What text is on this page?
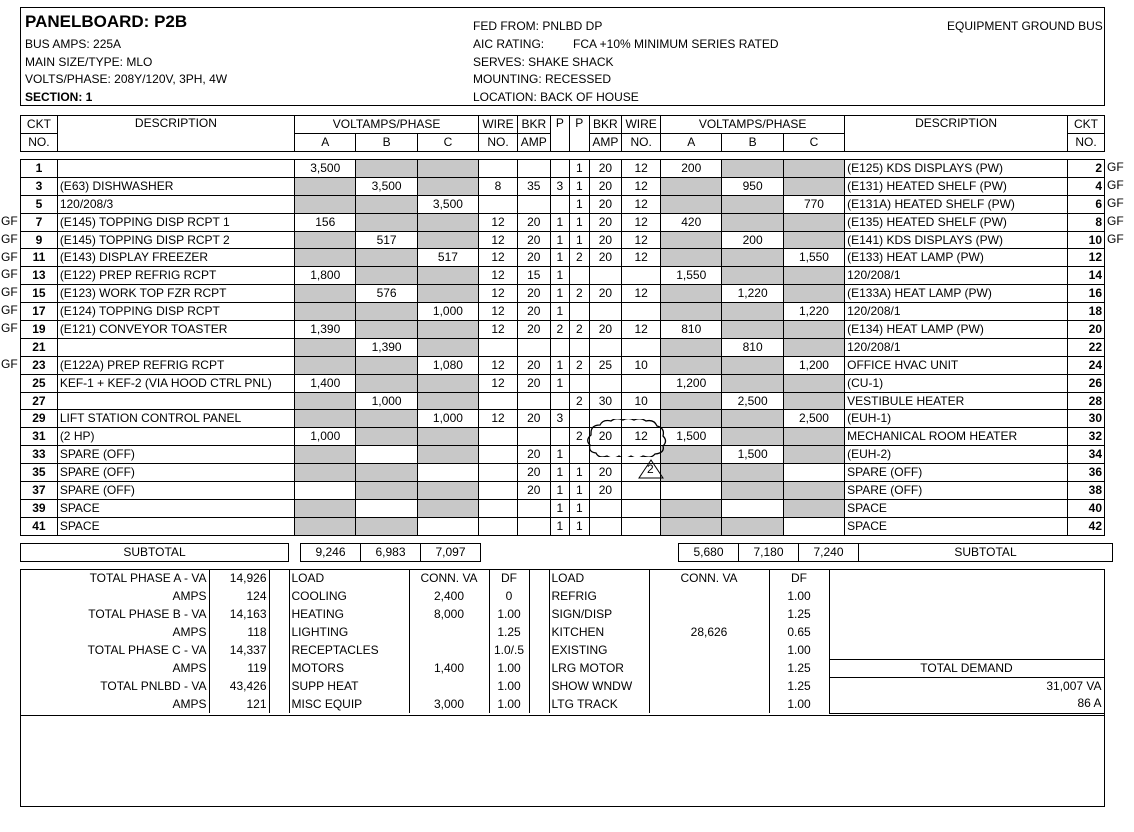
PANELBOARD: P2B
BUS AMPS: 225A
MAIN SIZE/TYPE: MLO
VOLTS/PHASE: 208Y/120V, 3PH, 4W
SECTION: 1
FED FROM: PNLBD DP
AIC RATING: FCA +10% MINIMUM SERIES RATED
SERVES: SHAKE SHACK
MOUNTING: RECESSED
LOCATION: BACK OF HOUSE
EQUIPMENT GROUND BUS
CKT	DESCRIPTION	VOLTAMPS/PHASE			WIRE	BKR	P	P	BKR	WIRE	VOLTAMPS/PHASE			DESCRIPTION	CKT
NO.		A	B	C	NO.	AMP			AMP	NO.	A	B	C		NO.
1		3,500						1	20	12	200			(E125) KDS DISPLAYS (PW)	2
3	(E63) DISHWASHER		3,500		8	35	3	1	20	12		950		(E131) HEATED SHELF (PW)	4
5	120/208/3			3,500				1	20	12			770	(E131A) HEATED SHELF (PW)	6
7	(E145) TOPPING DISP RCPT 1	156			12	20	1	1	20	12	420			(E135) HEATED SHELF (PW)	8
9	(E145) TOPPING DISP RCPT 2		517		12	20	1	1	20	12		200		(E141) KDS DISPLAYS (PW)	10
11	(E143) DISPLAY FREEZER			517	12	20	1	2	20	12			1,550	(E133) HEAT LAMP (PW)	12
13	(E122) PREP REFRIG RCPT	1,800			12	15	1				1,550			120/208/1	14
15	(E123) WORK TOP FZR RCPT		576		12	20	1	2	20	12		1,220		(E133A) HEAT LAMP (PW)	16
17	(E124) TOPPING DISP RCPT			1,000	12	20	1						1,220	120/208/1	18
19	(E121) CONVEYOR TOASTER	1,390			12	20	2	2	20	12	810			(E134) HEAT LAMP (PW)	20
21			1,390									810		120/208/1	22
23	(E122A) PREP REFRIG RCPT			1,080	12	20	1	2	25	10			1,200	OFFICE HVAC UNIT	24
25	KEF-1 + KEF-2 (VIA HOOD CTRL PNL)	1,400			12	20	1				1,200			(CU-1)	26
27			1,000					2	30	10		2,500		VESTIBULE HEATER	28
29	LIFT STATION CONTROL PANEL			1,000	12	20	3						2,500	(EUH-1)	30
31	(2 HP)	1,000						2	20	12	1,500			MECHANICAL ROOM HEATER	32
33	SPARE (OFF)					20	1					1,500		(EUH-2)	34
35	SPARE (OFF)					20	1	1	20					SPARE (OFF)	36
37	SPARE (OFF)					20	1	1	20					SPARE (OFF)	38
39	SPACE						1	1						SPACE	40
41	SPACE						1	1						SPACE	42
GF
GF
GF
GF	GF
GF	GF
GF
GF
GF
GF
GF
GF
2
SUBTOTAL		9,246	6,983	7,097		5,680	7,180	7,240	SUBTOTAL
TOTAL PHASE A - VA	14,926		LOAD	CONN. VA	DF		LOAD	CONN. VA	DF	
AMPS	124		COOLING	2,400	0		REFRIG		1.00	
TOTAL PHASE B - VA	14,163		HEATING	8,000	1.00		SIGN/DISP		1.25	
AMPS	118		LIGHTING		1.25		KITCHEN	28,626	0.65	
TOTAL PHASE C - VA	14,337		RECEPTACLES		1.0/.5		EXISTING		1.00	
AMPS	119		MOTORS	1,400	1.00		LRG MOTOR		1.25	TOTAL DEMAND
TOTAL PNLBD - VA	43,426		SUPP HEAT		1.00		SHOW WNDW		1.25	31,007 VA
AMPS	121		MISC EQUIP	3,000	1.00		LTG TRACK		1.00	86 A
